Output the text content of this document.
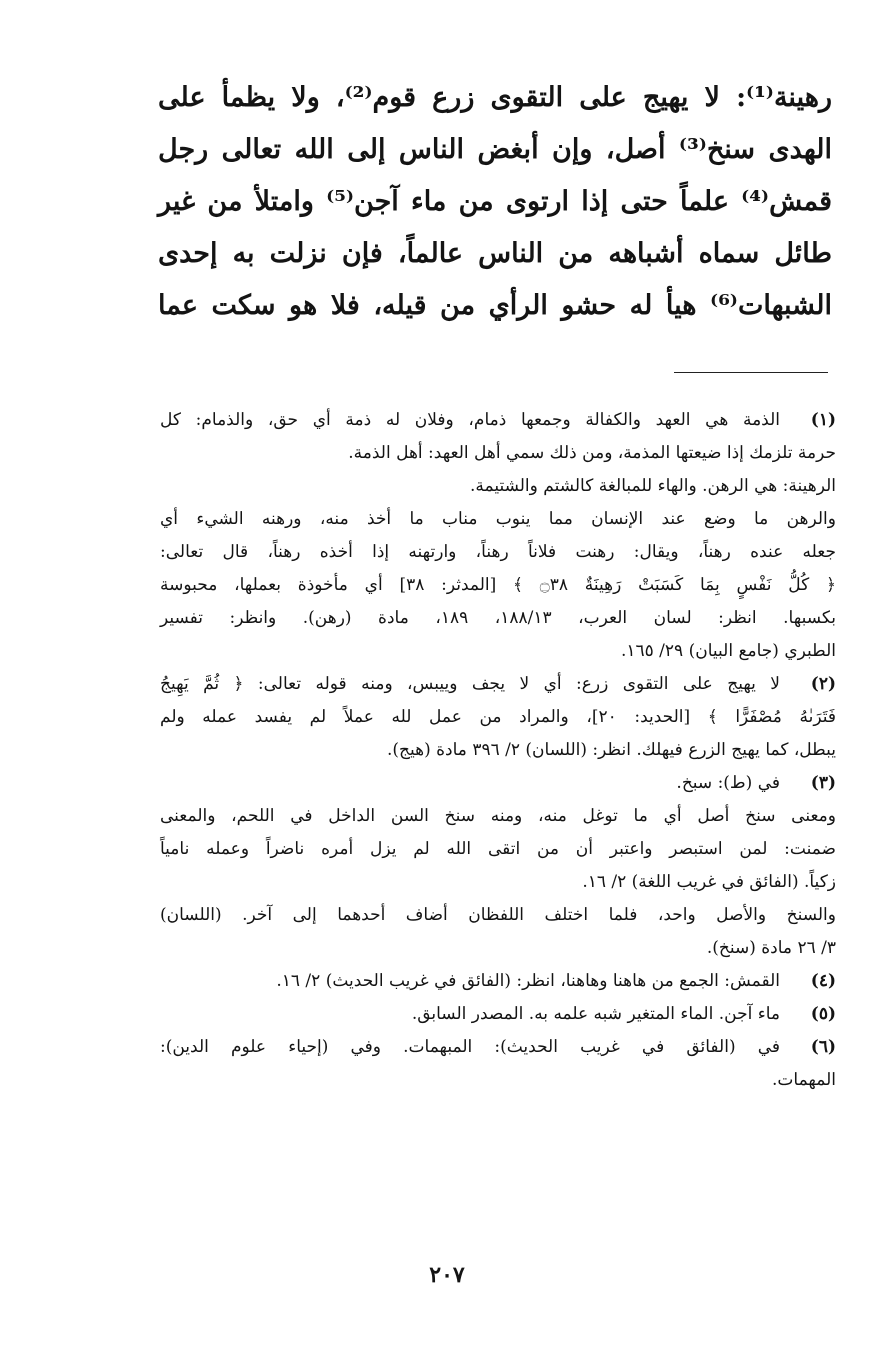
رهينة⁽¹⁾: لا يهيج على التقوى زرع قوم⁽²⁾، ولا يظمأ على
الهدى سنخ⁽³⁾ أصل، وإن أبغض الناس إلى الله تعالى رجل
قمش⁽⁴⁾ علماً حتى إذا ارتوى من ماء آجن⁽⁵⁾ وامتلأ من غير
طائل سماه أشباهه من الناس عالماً، فإن نزلت به إحدى
الشبهات⁽⁶⁾ هيأ له حشو الرأي من قيله، فلا هو سكت عما
(١)
الذمة هي العهد والكفالة وجمعها ذمام، وفلان له ذمة أي حق، والذمام: كل
حرمة تلزمك إذا ضيعتها المذمة، ومن ذلك سمي أهل العهد: أهل الذمة.
الرهينة: هي الرهن. والهاء للمبالغة كالشتم والشتيمة.
والرهن ما وضع عند الإنسان مما ينوب مناب ما أخذ منه، ورهنه الشيء أي
جعله عنده رهناً، ويقال: رهنت فلاناً رهناً، وارتهنه إذا أخذه رهناً، قال تعالى:
﴿ كُلُّ نَفْسٍ بِمَا كَسَبَتْ رَهِينَةٌ ۝٣٨ ﴾ [المدثر: ٣٨] أي مأخوذة بعملها، محبوسة
بكسبها. انظر: لسان العرب، ١٨٨/١٣، ١٨٩، مادة (رهن). وانظر: تفسير
الطبري (جامع البيان) ٢٩/ ١٦٥.
(٢)
لا يهيج على التقوى زرع: أي لا يجف وييبس، ومنه قوله تعالى: ﴿ ثُمَّ يَهِيجُ
فَتَرَىٰهُ مُصْفَرًّا ﴾ [الحديد: ٢٠]، والمراد من عمل لله عملاً لم يفسد عمله ولم
يبطل، كما يهيج الزرع فيهلك. انظر: (اللسان) ٢/ ٣٩٦ مادة (هيج).
(٣)
في (ط): سبخ.
ومعنى سنخ أصل أي ما توغل منه، ومنه سنخ السن الداخل في اللحم، والمعنى
ضمنت: لمن استبصر واعتبر أن من اتقى الله لم يزل أمره ناضراً وعمله نامياً
زكياً. (الفائق في غريب اللغة) ٢/ ١٦.
والسنخ والأصل واحد، فلما اختلف اللفظان أضاف أحدهما إلى آخر. (اللسان)
٣/ ٢٦ مادة (سنخ).
(٤)
القمش: الجمع من هاهنا وهاهنا، انظر: (الفائق في غريب الحديث) ٢/ ١٦.
(٥)
ماء آجن. الماء المتغير شبه علمه به. المصدر السابق.
(٦)
في (الفائق في غريب الحديث): المبهمات. وفي (إحياء علوم الدين):
المهمات.
٢٠٧
